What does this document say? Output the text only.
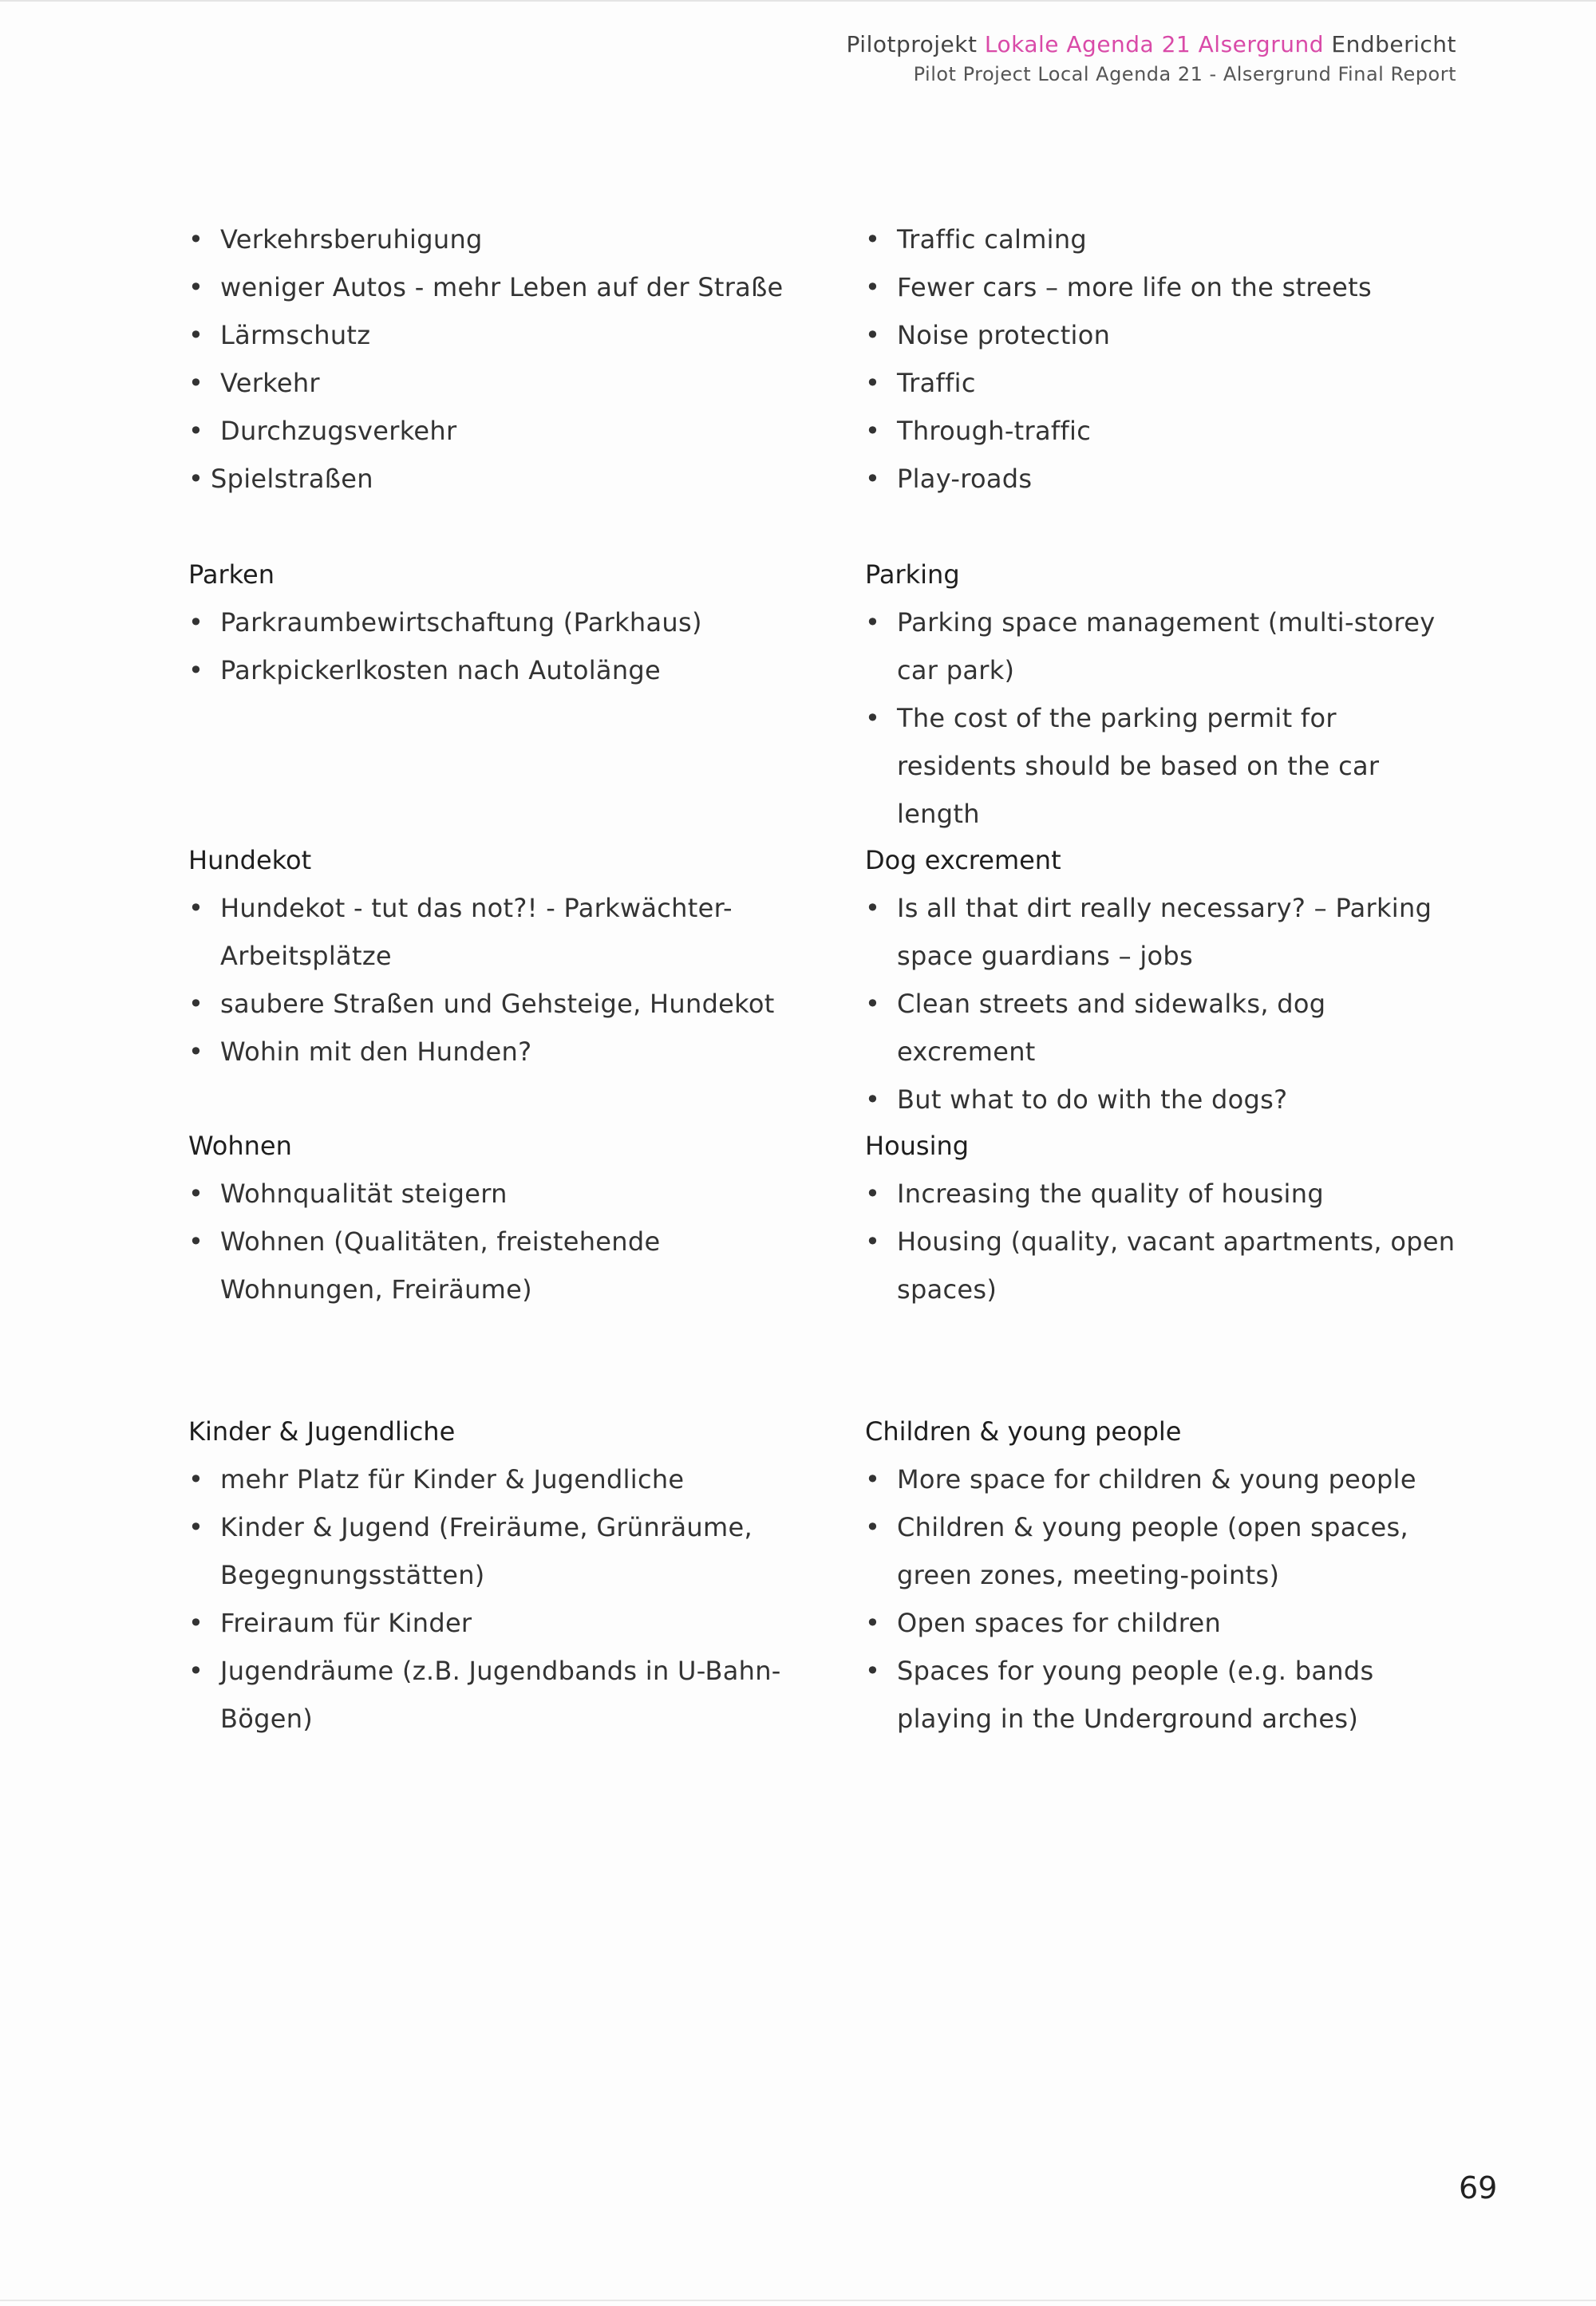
Pilotprojekt Lokale Agenda 21 Alsergrund Endbericht
Pilot Project Local Agenda 21 - Alsergrund Final Report
• Verkehrsberuhigung
• weniger Autos - mehr Leben auf der Straße
• Lärmschutz
• Verkehr
• Durchzugsverkehr
• Spielstraßen
Parken
• Parkraumbewirtschaftung (Parkhaus)
• Parkpickerlkosten nach Autolänge
Hundekot
• Hundekot - tut das not?! - Parkwächter-Arbeitsplätze
• saubere Straßen und Gehsteige, Hundekot
• Wohin mit den Hunden?
Wohnen
• Wohnqualität steigern
• Wohnen (Qualitäten, freistehende Wohnungen, Freiräume)
Kinder & Jugendliche
• mehr Platz für Kinder & Jugendliche
• Kinder & Jugend (Freiräume, Grünräume, Begegnungsstätten)
• Freiraum für Kinder
• Jugendräume (z.B. Jugendbands in U-Bahn-Bögen)
• Traffic calming
• Fewer cars – more life on the streets
• Noise protection
• Traffic
• Through-traffic
• Play-roads
Parking
• Parking space management (multi-storey car park)
• The cost of the parking permit for residents should be based on the car length
Dog excrement
• Is all that dirt really necessary? – Parking space guardians – jobs
• Clean streets and sidewalks, dog excrement
• But what to do with the dogs?
Housing
• Increasing the quality of housing
• Housing (quality, vacant apartments, open spaces)
Children & young people
• More space for children & young people
• Children & young people (open spaces, green zones, meeting-points)
• Open spaces for children
• Spaces for young people (e.g. bands playing in the Underground arches)
69
